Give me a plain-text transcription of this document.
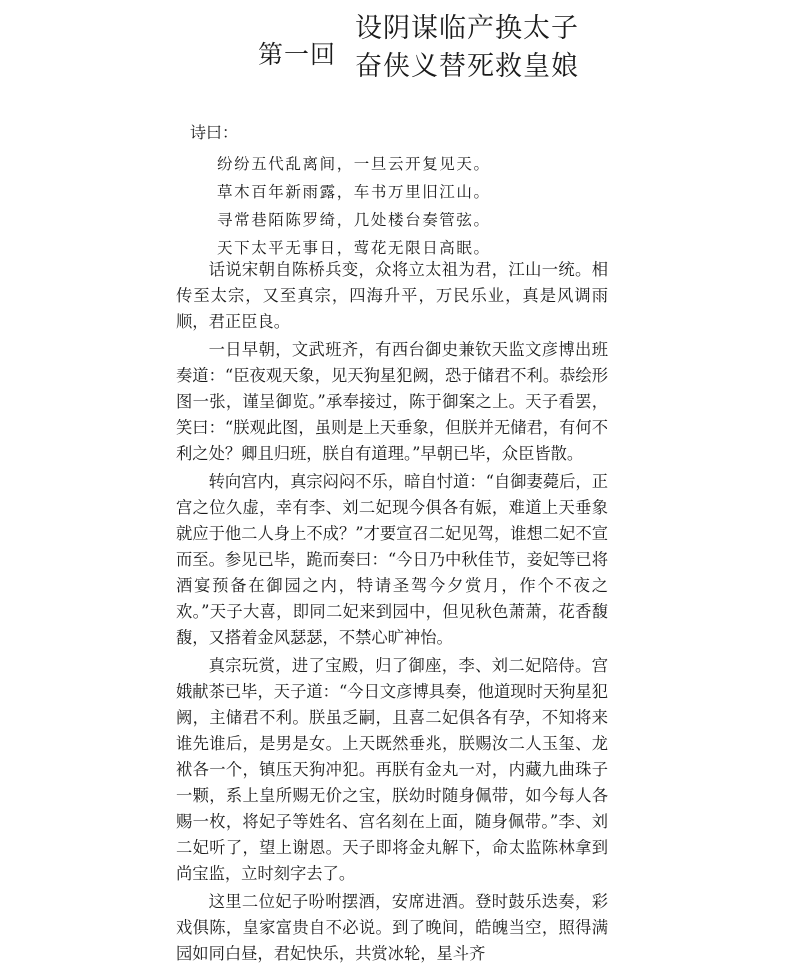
第一回
设阴谋临产换太子
奋侠义替死救皇娘
诗曰：
纷纷五代乱离间，一旦云开复见天。
草木百年新雨露，车书万里旧江山。
寻常巷陌陈罗绮，几处楼台奏管弦。
天下太平无事日，莺花无限日高眠。

话说宋朝自陈桥兵变，众将立太祖为君，江山一统。相传至太宗，又至真宗，四海升平，万民乐业，真是风调雨顺，君正臣良。

一日早朝，文武班齐，有西台御史兼钦天监文彦博出班奏道：“臣夜观天象，见天狗星犯阙，恐于储君不利。恭绘形图一张，谨呈御览。”承奉接过，陈于御案之上。天子看罢，笑曰：“朕观此图，虽则是上天垂象，但朕并无储君，有何不利之处？卿且归班，朕自有道理。”早朝已毕，众臣皆散。

转向宫内，真宗闷闷不乐，暗自忖道：“自御妻薨后，正宫之位久虚，幸有李、刘二妃现今俱各有娠，难道上天垂象就应于他二人身上不成？”才要宣召二妃见驾，谁想二妃不宣而至。参见已毕，跪而奏曰：“今日乃中秋佳节，妾妃等已将酒宴预备在御园之内，特请圣驾今夕赏月，作个不夜之欢。”天子大喜，即同二妃来到园中，但见秋色萧萧，花香馥馥，又搭着金风瑟瑟，不禁心旷神怡。

真宗玩赏，进了宝殿，归了御座，李、刘二妃陪侍。宫娥献茶已毕，天子道：“今日文彦博具奏，他道现时天狗星犯阙，主储君不利。朕虽乏嗣，且喜二妃俱各有孕，不知将来谁先谁后，是男是女。上天既然垂兆，朕赐汝二人玉玺、龙袱各一个，镇压天狗冲犯。再朕有金丸一对，内藏九曲珠子一颗，系上皇所赐无价之宝，朕幼时随身佩带，如今每人各赐一枚，将妃子等姓名、宫名刻在上面，随身佩带。”李、刘二妃听了，望上谢恩。天子即将金丸解下，命太监陈林拿到尚宝监，立时刻字去了。

这里二位妃子吩咐摆酒，安席进酒。登时鼓乐迭奏，彩戏俱陈，皇家富贵自不必说。到了晚间，皓魄当空，照得满园如同白昼，君妃快乐，共赏冰轮，星斗齐
